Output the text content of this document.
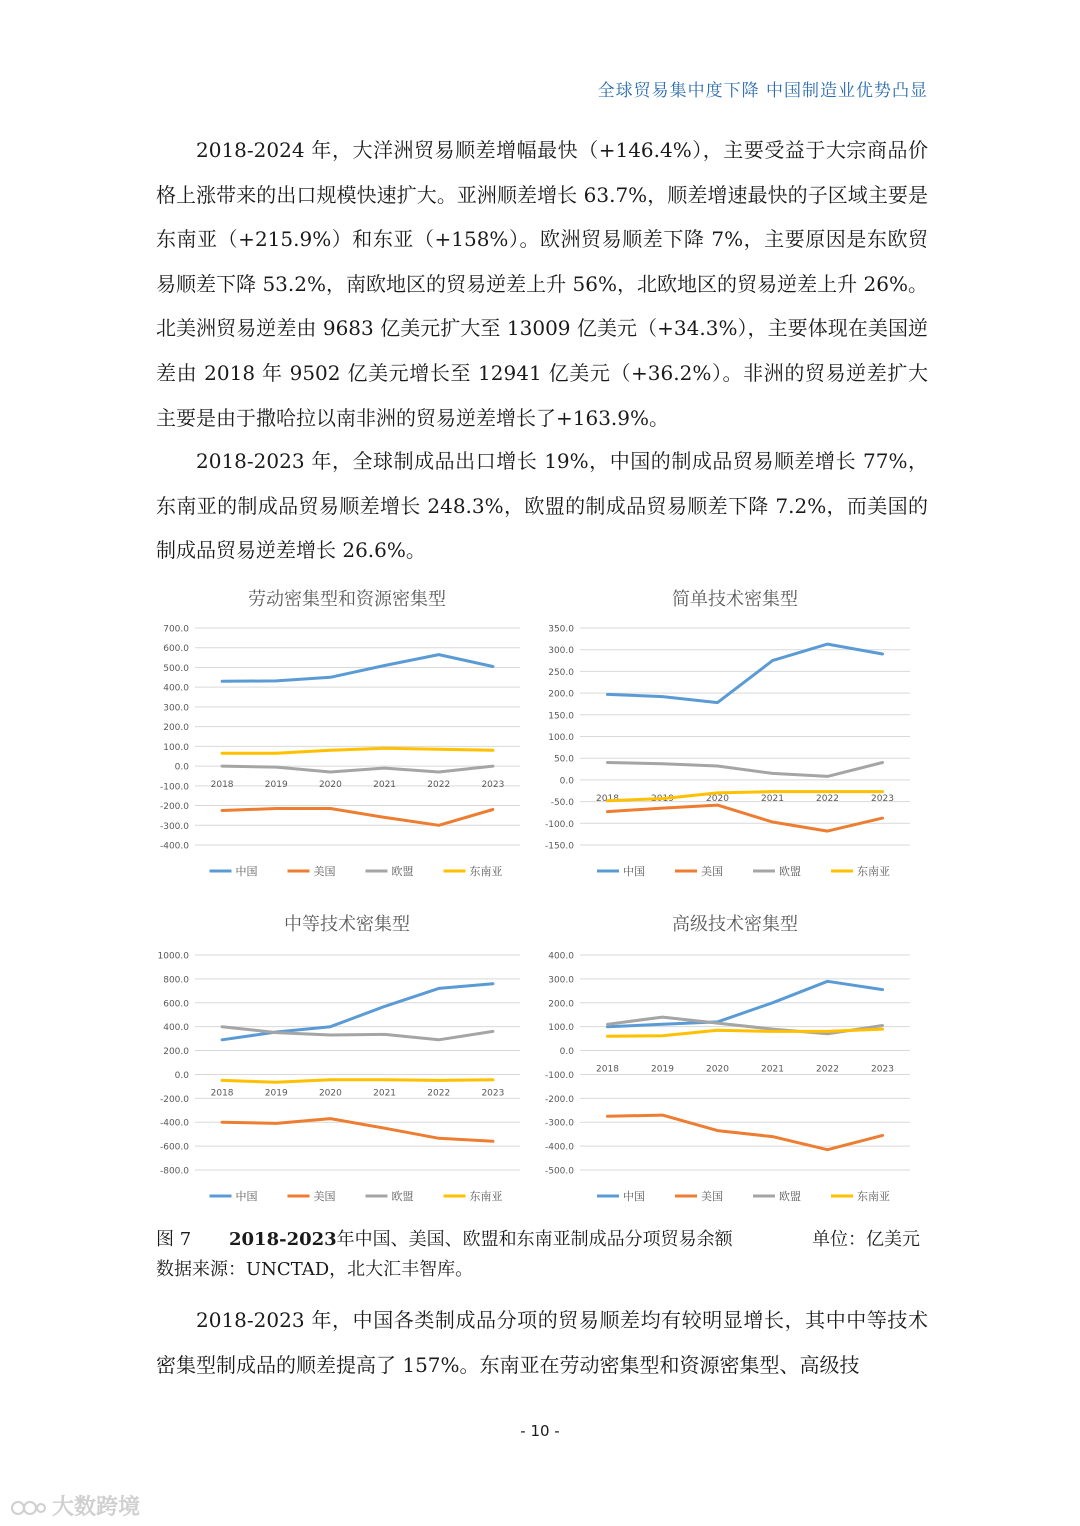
全球贸易集中度下降 中国制造业优势凸显

2018-2024 年，大洋洲贸易顺差增幅最快（+146.4%），主要受益于大宗商品价格上涨带来的出口规模快速扩大。亚洲顺差增长 63.7%，顺差增速最快的子区域主要是东南亚（+215.9%）和东亚（+158%）。欧洲贸易顺差下降 7%，主要原因是东欧贸易顺差下降 53.2%，南欧地区的贸易逆差上升 56%，北欧地区的贸易逆差上升 26%。北美洲贸易逆差由 9683 亿美元扩大至 13009 亿美元（+34.3%），主要体现在美国逆差由 2018 年 9502 亿美元增长至 12941 亿美元（+36.2%）。非洲的贸易逆差扩大主要是由于撒哈拉以南非洲的贸易逆差增长了+163.9%。

2018-2023 年，全球制成品出口增长 19%，中国的制成品贸易顺差增长 77%，东南亚的制成品贸易顺差增长 248.3%，欧盟的制成品贸易顺差下降 7.2%，而美国的制成品贸易逆差增长 26.6%。

劳动密集型和资源密集型
700.0
600.0
500.0
400.0
300.0
200.0
100.0
0.0
-100.0
-200.0
-300.0
-400.0
2018	2019	2020	2021	2022	2023
中国	美国	欧盟	东南亚
简单技术密集型
350.0
300.0
250.0
200.0
150.0
100.0
50.0
0.0
-50.0
-100.0
-150.0
2018	2019	2020	2021	2022	2023
中国	美国	欧盟	东南亚
中等技术密集型
1000.0
800.0
600.0
400.0
200.0
0.0
-200.0
-400.0
-600.0
-800.0
2018	2019	2020	2021	2022	2023
中国	美国	欧盟	东南亚
高级技术密集型
400.0
300.0
200.0
100.0
0.0
-100.0
-200.0
-300.0
-400.0
-500.0
2018	2019	2020	2021	2022	2023
中国	美国	欧盟	东南亚
图 7 2018-2023年中国、美国、欧盟和东南亚制成品分项贸易余额	单位：亿美元
数据来源：UNCTAD，北大汇丰智库。

2018-2023 年，中国各类制成品分项的贸易顺差均有较明显增长，其中中等技术密集型制成品的顺差提高了 157%。东南亚在劳动密集型和资源密集型、高级技

- 10 -
大数跨境
